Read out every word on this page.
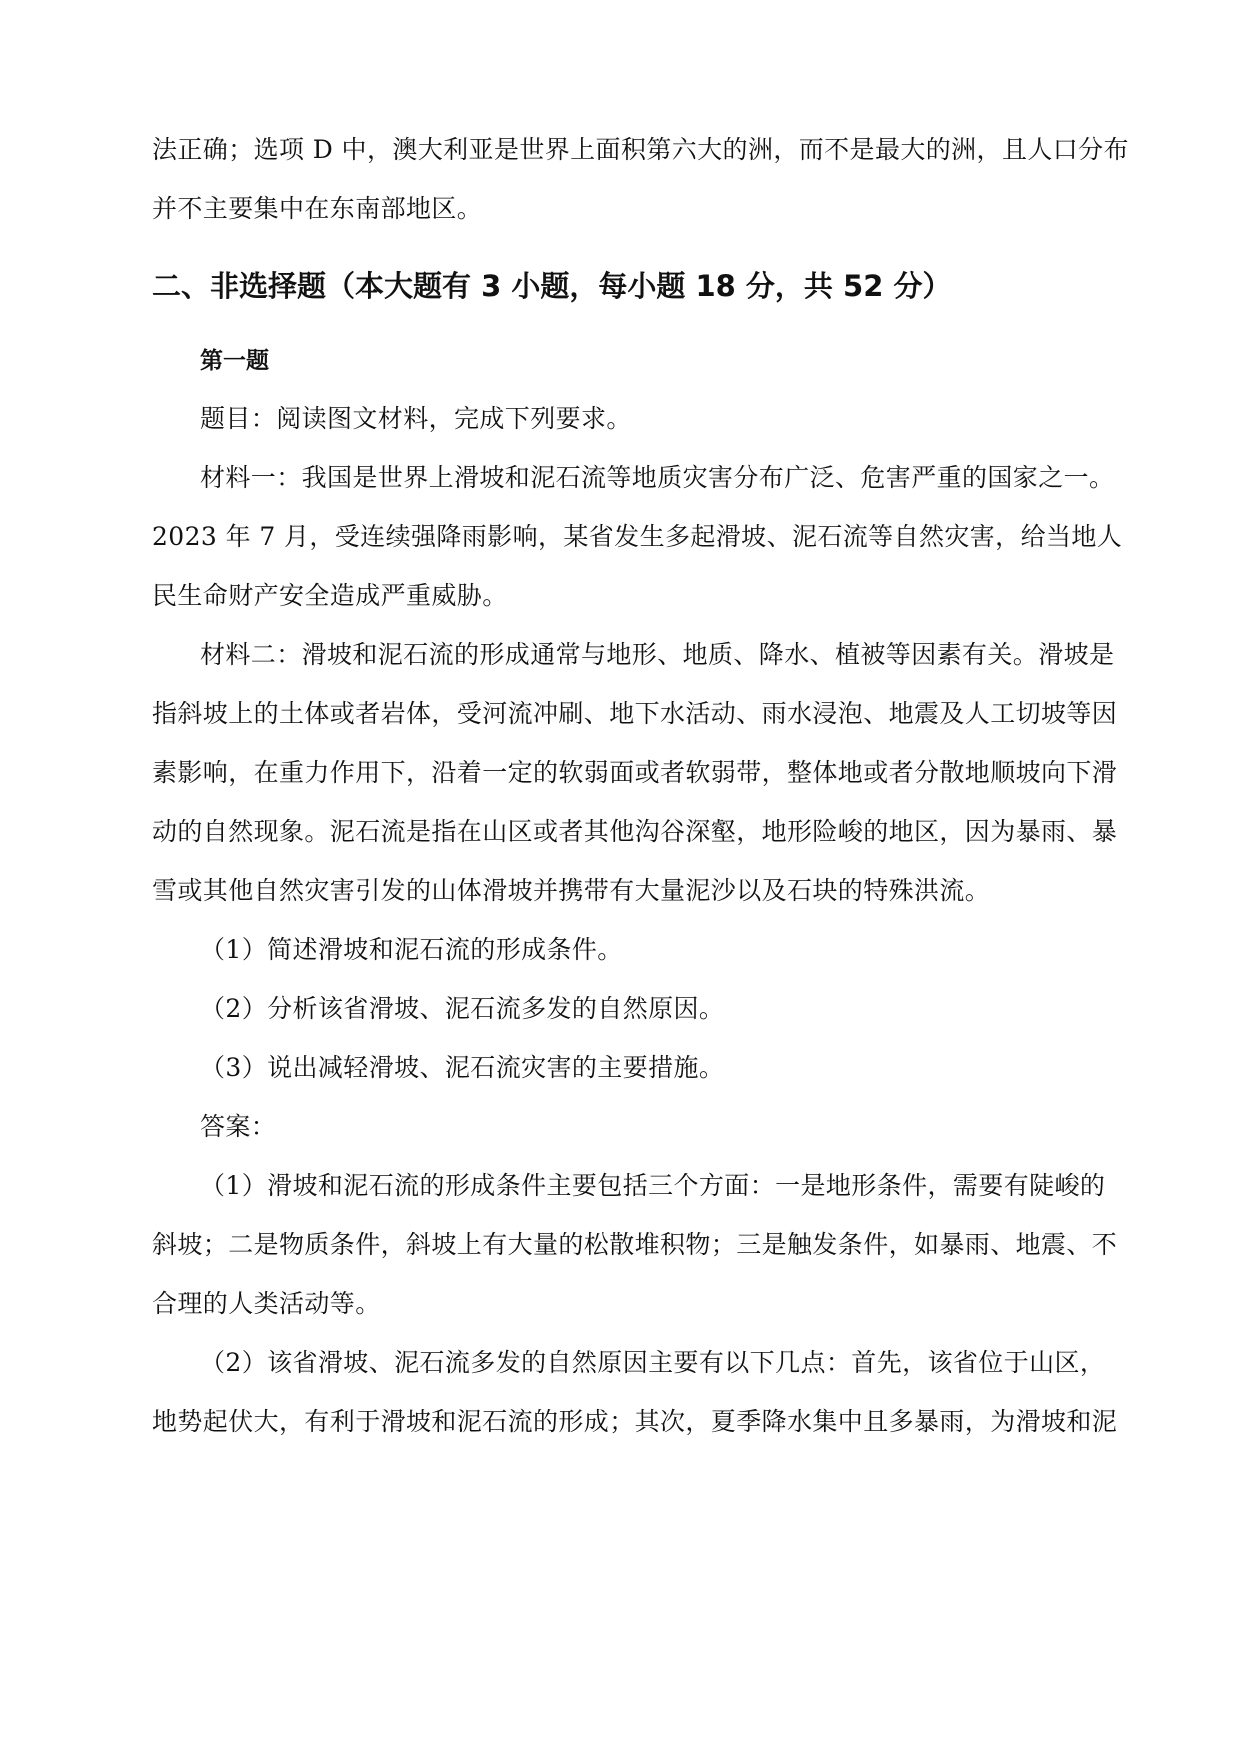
法正确；选项 D 中，澳大利亚是世界上面积第六大的洲，而不是最大的洲，且人口分布
并不主要集中在东南部地区。
二、非选择题（本大题有 3 小题，每小题 18 分，共 52 分）
第一题
题目：阅读图文材料，完成下列要求。
材料一：我国是世界上滑坡和泥石流等地质灾害分布广泛、危害严重的国家之一。
2023 年 7 月，受连续强降雨影响，某省发生多起滑坡、泥石流等自然灾害，给当地人
民生命财产安全造成严重威胁。
材料二：滑坡和泥石流的形成通常与地形、地质、降水、植被等因素有关。滑坡是
指斜坡上的土体或者岩体，受河流冲刷、地下水活动、雨水浸泡、地震及人工切坡等因
素影响，在重力作用下，沿着一定的软弱面或者软弱带，整体地或者分散地顺坡向下滑
动的自然现象。泥石流是指在山区或者其他沟谷深壑，地形险峻的地区，因为暴雨、暴
雪或其他自然灾害引发的山体滑坡并携带有大量泥沙以及石块的特殊洪流。
（1）简述滑坡和泥石流的形成条件。
（2）分析该省滑坡、泥石流多发的自然原因。
（3）说出减轻滑坡、泥石流灾害的主要措施。
答案：
（1）滑坡和泥石流的形成条件主要包括三个方面：一是地形条件，需要有陡峻的
斜坡；二是物质条件，斜坡上有大量的松散堆积物；三是触发条件，如暴雨、地震、不
合理的人类活动等。
（2）该省滑坡、泥石流多发的自然原因主要有以下几点：首先，该省位于山区，
地势起伏大，有利于滑坡和泥石流的形成；其次，夏季降水集中且多暴雨，为滑坡和泥
